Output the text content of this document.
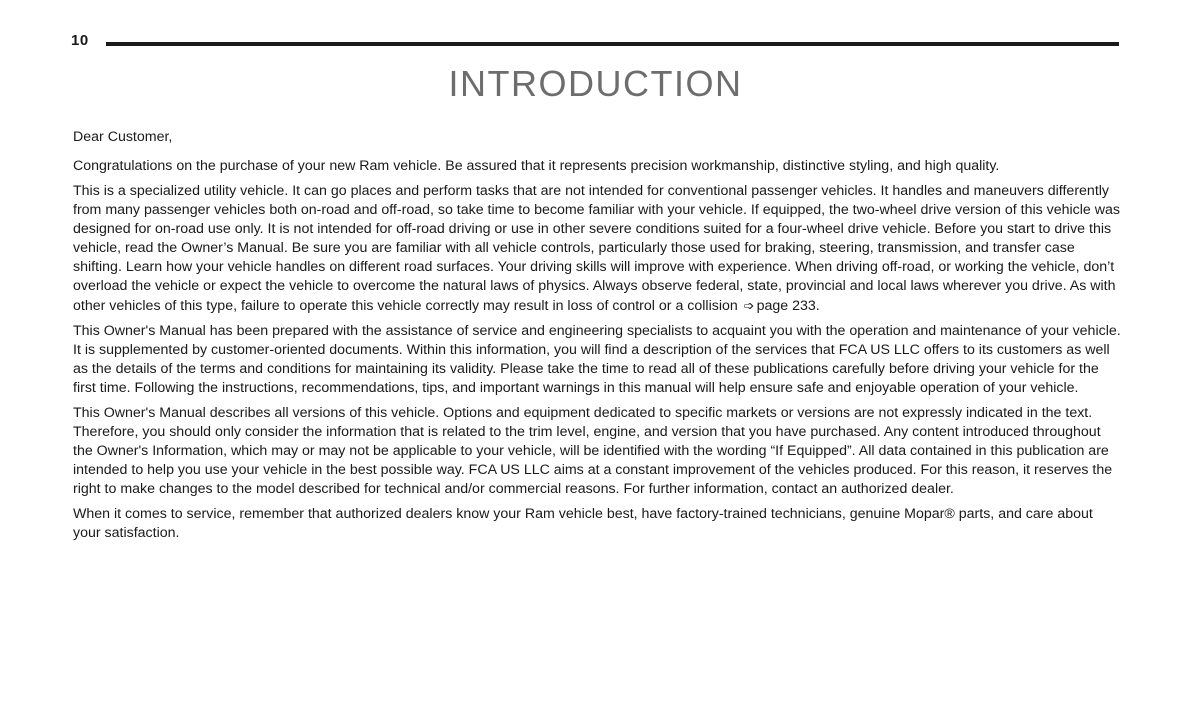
10
INTRODUCTION

Dear Customer,

Congratulations on the purchase of your new Ram vehicle. Be assured that it represents precision workmanship, distinctive styling, and high quality.

This is a specialized utility vehicle. It can go places and perform tasks that are not intended for conventional passenger vehicles. It handles and maneuvers differently from many passenger vehicles both on-road and off-road, so take time to become familiar with your vehicle. If equipped, the two-wheel drive version of this vehicle was designed for on-road use only. It is not intended for off-road driving or use in other severe conditions suited for a four-wheel drive vehicle. Before you start to drive this vehicle, read the Owner’s Manual. Be sure you are familiar with all vehicle controls, particularly those used for braking, steering, transmission, and transfer case shifting. Learn how your vehicle handles on different road surfaces. Your driving skills will improve with experience. When driving off-road, or working the vehicle, don’t overload the vehicle or expect the vehicle to overcome the natural laws of physics. Always observe federal, state, provincial and local laws wherever you drive. As with other vehicles of this type, failure to operate this vehicle correctly may result in loss of control or a collision ➩ page 233.

This Owner's Manual has been prepared with the assistance of service and engineering specialists to acquaint you with the operation and maintenance of your vehicle. It is supplemented by customer-oriented documents. Within this information, you will find a description of the services that FCA US LLC offers to its customers as well as the details of the terms and conditions for maintaining its validity. Please take the time to read all of these publications carefully before driving your vehicle for the first time. Following the instructions, recommendations, tips, and important warnings in this manual will help ensure safe and enjoyable operation of your vehicle.

This Owner's Manual describes all versions of this vehicle. Options and equipment dedicated to specific markets or versions are not expressly indicated in the text. Therefore, you should only consider the information that is related to the trim level, engine, and version that you have purchased. Any content introduced throughout the Owner's Information, which may or may not be applicable to your vehicle, will be identified with the wording “If Equipped”. All data contained in this publication are intended to help you use your vehicle in the best possible way. FCA US LLC aims at a constant improvement of the vehicles produced. For this reason, it reserves the right to make changes to the model described for technical and/or commercial reasons. For further information, contact an authorized dealer.

When it comes to service, remember that authorized dealers know your Ram vehicle best, have factory-trained technicians, genuine Mopar® parts, and care about your satisfaction.
